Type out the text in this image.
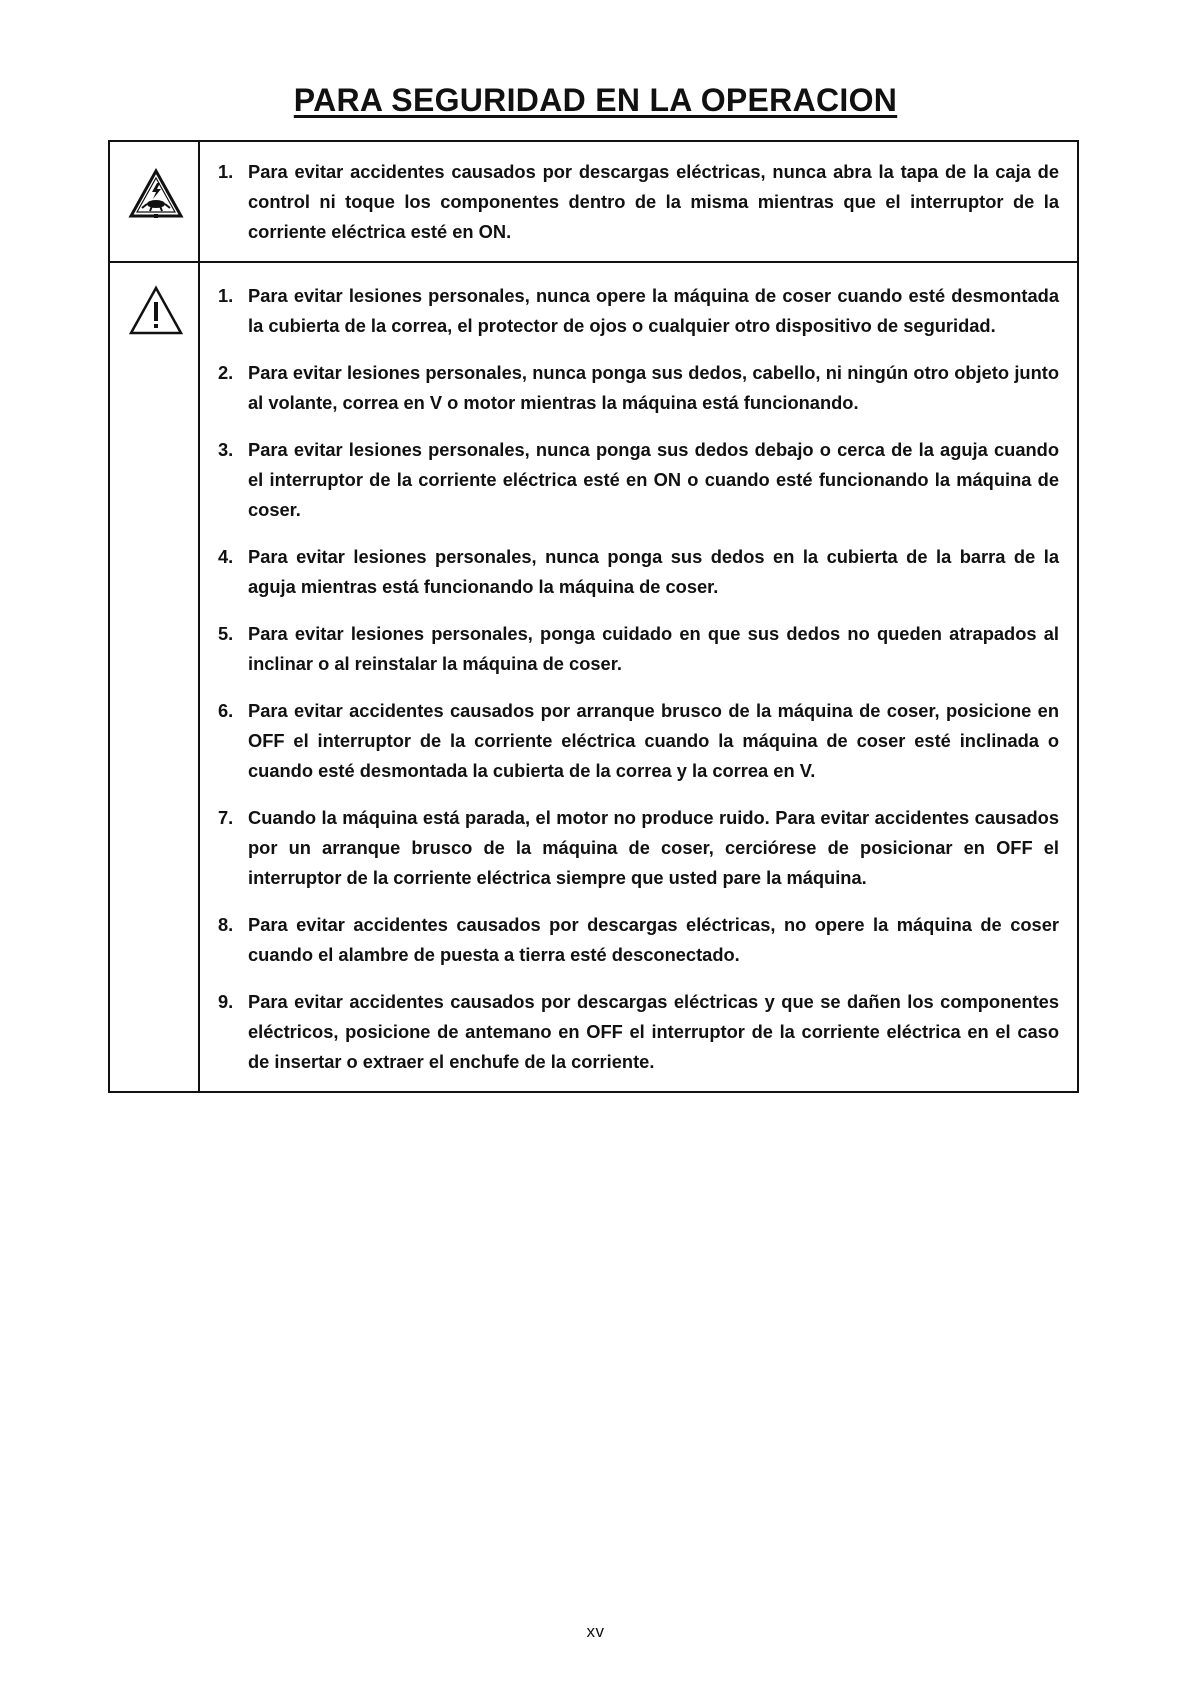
PARA SEGURIDAD EN LA OPERACION
1. Para evitar accidentes causados por descargas eléctricas, nunca abra la tapa de la caja de control ni toque los componentes dentro de la misma mientras que el interruptor de la corriente eléctrica esté en ON.
1. Para evitar lesiones personales, nunca opere la máquina de coser cuando esté desmontada la cubierta de la correa, el protector de ojos o cualquier otro dispositivo de seguridad.
2. Para evitar lesiones personales, nunca ponga sus dedos, cabello, ni ningún otro objeto junto al volante, correa en V o motor mientras la máquina está funcionando.
3. Para evitar lesiones personales, nunca ponga sus dedos debajo o cerca de la aguja cuando el interruptor de la corriente eléctrica esté en ON o cuando esté funcionando la máquina de coser.
4. Para evitar lesiones personales, nunca ponga sus dedos en la cubierta de la barra de la aguja mientras está funcionando la máquina de coser.
5. Para evitar lesiones personales, ponga cuidado en que sus dedos no queden atrapados al inclinar o al reinstalar la máquina de coser.
6. Para evitar accidentes causados por arranque brusco de la máquina de coser, posicione en OFF el interruptor de la corriente eléctrica cuando la máquina de coser esté inclinada o cuando esté desmontada la cubierta de la correa y la correa en V.
7. Cuando la máquina está parada, el motor no produce ruido. Para evitar accidentes causados por un arranque brusco de la máquina de coser, cerciórese de posicionar en OFF el interruptor de la corriente eléctrica siempre que usted pare la máquina.
8. Para evitar accidentes causados por descargas eléctricas, no opere la máquina de coser cuando el alambre de puesta a tierra esté desconectado.
9. Para evitar accidentes causados por descargas eléctricas y que se dañen los componentes eléctricos, posicione de antemano en OFF el interruptor de la corriente eléctrica en el caso de insertar o extraer el enchufe de la corriente.
xv
